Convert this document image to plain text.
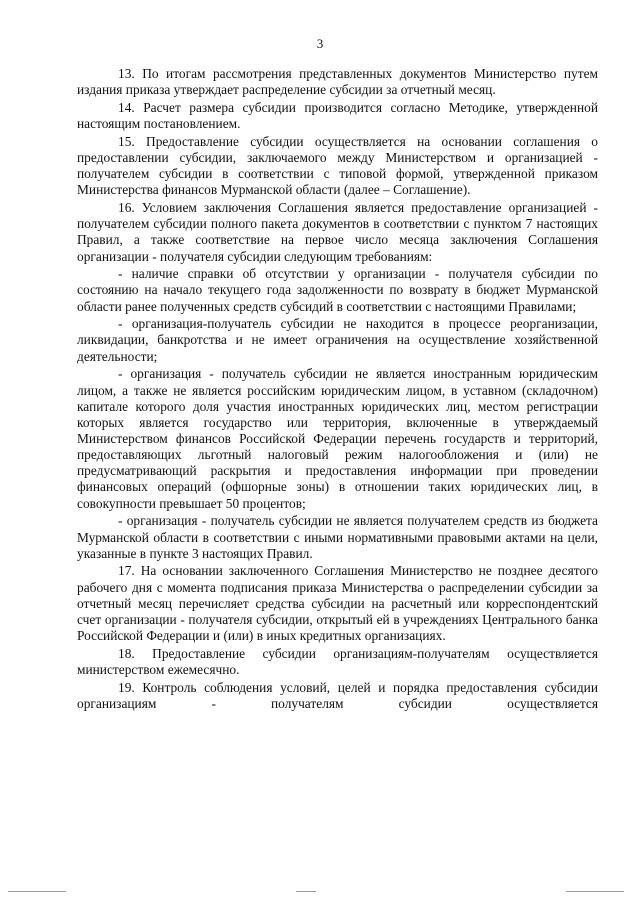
3

13. По итогам рассмотрения представленных документов Министерство путем издания приказа утверждает распределение субсидии за отчетный месяц.

14. Расчет размера субсидии производится согласно Методике, утвержденной настоящим постановлением.

15. Предоставление субсидии осуществляется на основании соглашения о предоставлении субсидии, заключаемого между Министерством и организацией - получателем субсидии в соответствии с типовой формой, утвержденной приказом Министерства финансов Мурманской области (далее – Соглашение).

16. Условием заключения Соглашения является предоставление организацией - получателем субсидии полного пакета документов в соответствии с пунктом 7 настоящих Правил, а также соответствие на первое число месяца заключения Соглашения организации - получателя субсидии следующим требованиям:

- наличие справки об отсутствии у организации - получателя субсидии по состоянию на начало текущего года задолженности по возврату в бюджет Мурманской области ранее полученных средств субсидий в соответствии с настоящими Правилами;

- организация-получатель субсидии не находится в процессе реорганизации, ликвидации, банкротства и не имеет ограничения на осуществление хозяйственной деятельности;

- организация - получатель субсидии не является иностранным юридическим лицом, а также не является российским юридическим лицом, в уставном (складочном) капитале которого доля участия иностранных юридических лиц, местом регистрации которых является государство или территория, включенные в утверждаемый Министерством финансов Российской Федерации перечень государств и территорий, предоставляющих льготный налоговый режим налогообложения и (или) не предусматривающий раскрытия и предоставления информации при проведении финансовых операций (офшорные зоны) в отношении таких юридических лиц, в совокупности превышает 50 процентов;

- организация - получатель субсидии не является получателем средств из бюджета Мурманской области в соответствии с иными нормативными правовыми актами на цели, указанные в пункте 3 настоящих Правил.

17. На основании заключенного Соглашения Министерство не позднее десятого рабочего дня с момента подписания приказа Министерства о распределении субсидии за отчетный месяц перечисляет средства субсидии на расчетный или корреспондентский счет организации - получателя субсидии, открытый ей в учреждениях Центрального банка Российской Федерации и (или) в иных кредитных организациях.

18. Предоставление субсидии организациям-получателям осуществляется министерством ежемесячно.

19. Контроль соблюдения условий, целей и порядка предоставления субсидии организациям - получателям субсидии осуществляется
